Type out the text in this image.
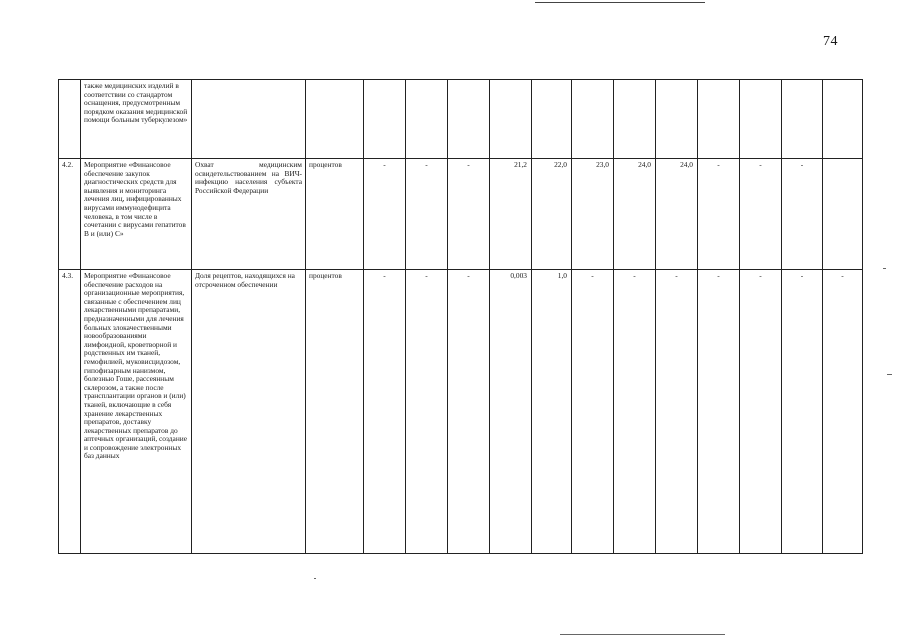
74
	также медицинских изделий в соответствии со стандартом оснащения, предусмотренным порядком оказания медицинской помощи больным туберкулезом»														
4.2.	Мероприятие «Финансовое обеспечение закупок диагностических средств для выявления и мониторинга лечения лиц, инфицированных вирусами иммунодефицита человека, в том числе в сочетании с вирусами гепатитов В и (или) С»	Охват медицинским освидетельствованием на ВИЧ-инфекцию населения субъекта Российской Федерации	процентов	-	-	-	21,2	22,0	23,0	24,0	24,0	-	-	-	
4.3.	Мероприятие «Финансовое обеспечение расходов на организационные мероприятия, связанные с обеспечением лиц лекарственными препаратами, предназначенными для лечения больных злокачественными новообразованиями лимфоидной, кроветворной и родственных им тканей, гемофилией, муковисцидозом, гипофизарным нанизмом, болезнью Гоше, рассеянным склерозом, а также после трансплантации органов и (или) тканей, включающие в себя хранение лекарственных препаратов, доставку лекарственных препаратов до аптечных организаций, создание и сопровождение электронных баз данных	Доля рецептов, находящихся на отсроченном обеспечении	процентов	-	-	-	0,003	1,0	-	-	-	-	-	-	-
